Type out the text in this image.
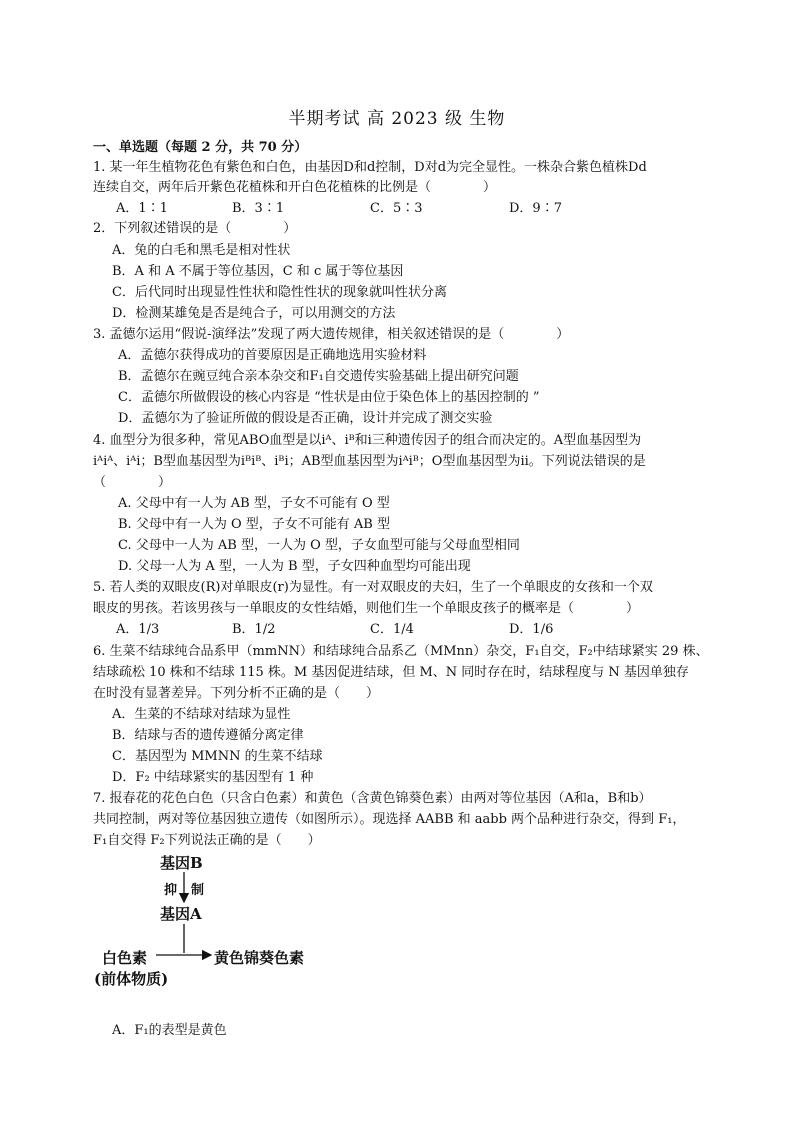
半期考试 高 2023 级 生物
一、单选题（每题 2 分，共 70 分）
1. 某一年生植物花色有紫色和白色，由基因D和d控制，D对d为完全显性。一株杂合紫色植株Dd
连续自交，两年后开紫色花植株和开白色花植株的比例是（　　　　）
A．1∶1	B．3∶1	C．5∶3	D．9∶7
2．下列叙述错误的是（　　　　）
A．兔的白毛和黑毛是相对性状
B．A 和 A 不属于等位基因，C 和 c 属于等位基因
C．后代同时出现显性性状和隐性性状的现象就叫性状分离
D．检测某雄兔是否是纯合子，可以用测交的方法
3. 孟德尔运用“假说-演绎法”发现了两大遗传规律，相关叙述错误的是（　　　　）
A．孟德尔获得成功的首要原因是正确地选用实验材料
B．孟德尔在豌豆纯合亲本杂交和F₁自交遗传实验基础上提出研究问题
C．孟德尔所做假设的核心内容是 “性状是由位于染色体上的基因控制的 ”
D．孟德尔为了验证所做的假设是否正确，设计并完成了测交实验
4. 血型分为很多种，常见ABO血型是以iᴬ、iᴮ和i三种遗传因子的组合而决定的。A型血基因型为
iᴬiᴬ、iᴬi；B型血基因型为iᴮiᴮ、iᴮi；AB型血基因型为iᴬiᴮ；O型血基因型为ii。下列说法错误的是
（　　　　）
A. 父母中有一人为 AB 型，子女不可能有 O 型
B. 父母中有一人为 O 型，子女不可能有 AB 型
C. 父母中一人为 AB 型，一人为 O 型，子女血型可能与父母血型相同
D. 父母一人为 A 型，一人为 B 型，子女四种血型均可能出现
5. 若人类的双眼皮(R)对单眼皮(r)为显性。有一对双眼皮的夫妇，生了一个单眼皮的女孩和一个双
眼皮的男孩。若该男孩与一单眼皮的女性结婚，则他们生一个单眼皮孩子的概率是（　　　　）
A．1/3	B．1/2	C．1/4	D．1/6
6. 生菜不结球纯合品系甲（mmNN）和结球纯合品系乙（MMnn）杂交，F₁自交，F₂中结球紧实 29 株、
结球疏松 10 株和不结球 115 株。M 基因促进结球，但 M、N 同时存在时，结球程度与 N 基因单独存
在时没有显著差异。下列分析不正确的是（　　）
A．生菜的不结球对结球为显性
B．结球与否的遗传遵循分离定律
C．基因型为 MMNN 的生菜不结球
D．F₂ 中结球紧实的基因型有 1 种
7. 报春花的花色白色（只含白色素）和黄色（含黄色锦葵色素）由两对等位基因（A和a，B和b）
共同控制，两对等位基因独立遗传（如图所示）。现选择 AABB 和 aabb 两个品种进行杂交，得到 F₁，
F₁自交得 F₂下列说法正确的是（　　）
基因B
抑 制
基因A
白色素	黄色锦葵色素
(前体物质)
A．F₁的表型是黄色
